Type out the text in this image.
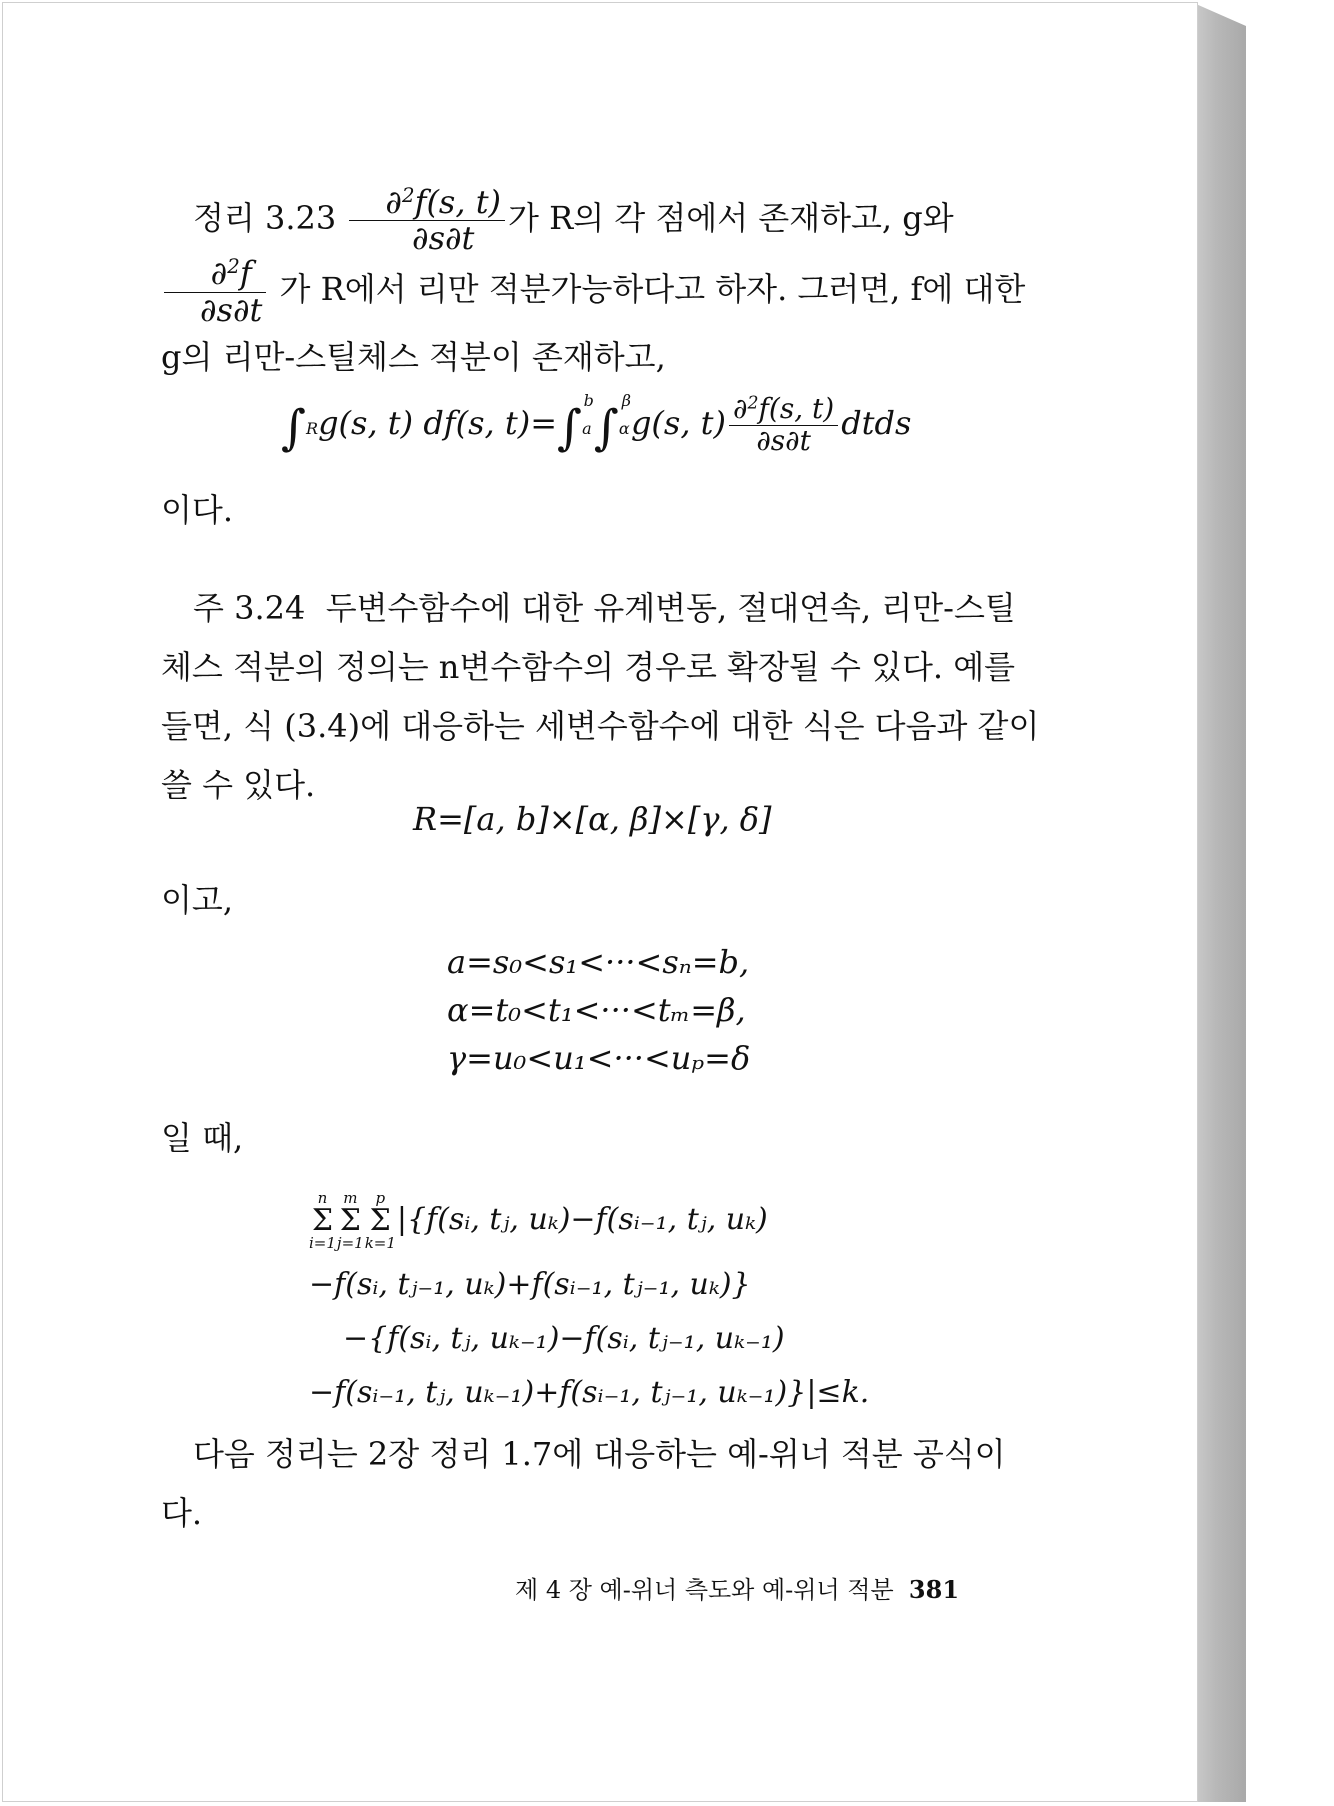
정리 $3.23 \frac{\partial^2f(s, t)}{\partial s\partial t}$ 가 R의 각 점에서 존재하고, g와
$\frac{\partial^2f}{\partial s\partial t}$ 가 R에서 리만 적분가능하다고 하자. 그러면, f에 대한 g의 리만-스틸체스 적분이 존재하고,
∫Rg(s, t) df(s, $t)=\int a^b\int\alpha^\beta g(s$, $t) \frac{\partial^2f(s, t)}{\partial s\partial t}$ dtds
이다.
주 3.24 두변수함수에 대한 유계변동, 절대연속, 리만-스틸체스 적분의 정의는 n변수함수의 경우로 확장될 수 있다. 예를 들면, 식 (3.4)에 대응하는 세변수함수에 대한 식은 다음과 같이 쓸 수 있다.
R=[a, b]×[α, β]×[γ, δ]
이고,
a=s₀<s₁<···<sₙ=b,
α=t₀<t₁<···<tₘ=β,
γ=u₀<u₁<···<uₚ=δ
일 때,
n
Σ
i=1
m
Σ
j=1
p
Σ
k=1
|{f(sᵢ, tⱼ, uₖ)−f(sᵢ₋₁, tⱼ, uₖ)
−f(sᵢ, tⱼ₋₁, uₖ)+f(sᵢ₋₁, tⱼ₋₁, uₖ)}
−{f(sᵢ, tⱼ, uₖ₋₁)−f(sᵢ, tⱼ₋₁, uₖ₋₁)
−f(sᵢ₋₁, tⱼ, uₖ₋₁)+f(sᵢ₋₁, tⱼ₋₁, uₖ₋₁)}|≤k.
다음 정리는 2장 정리 1.7에 대응하는 예-위너 적분 공식이다.
제 4 장 예-위너 측도와 예-위너 적분 381
